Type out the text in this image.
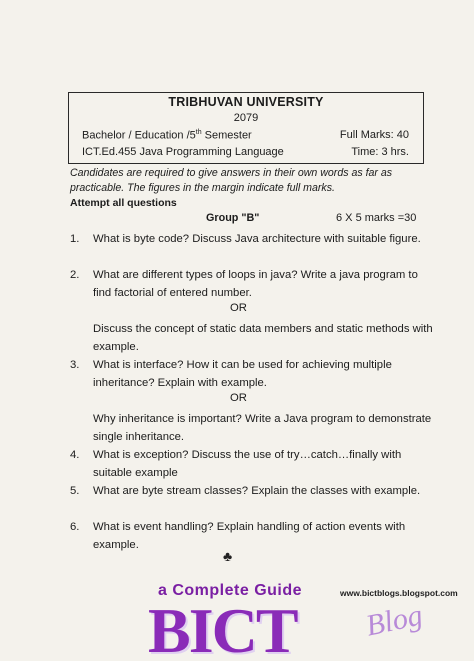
TRIBHUVAN UNIVERSITY
2079
Bachelor / Education /5th Semester	Full Marks: 40
ICT.Ed.455 Java Programming Language	Time: 3 hrs.
Candidates are required to give answers in their own words as far as practicable. The figures in the margin indicate full marks.
Attempt all questions
Group "B"	6 X 5 marks =30
1. What is byte code? Discuss Java architecture with suitable figure.
2. What are different types of loops in java? Write a java program to find factorial of entered number.
OR
Discuss the concept of static data members and static methods with example.
3. What is interface? How it can be used for achieving multiple inheritance? Explain with example.
OR
Why inheritance is important? Write a Java program to demonstrate single inheritance.
4. What is exception? Discuss the use of try…catch…finally with suitable example
5. What are byte stream classes? Explain the classes with example.
6. What is event handling? Explain handling of action events with example.
♣
a Complete Guide	www.bictblogs.blogspot.com
BICT Blog
